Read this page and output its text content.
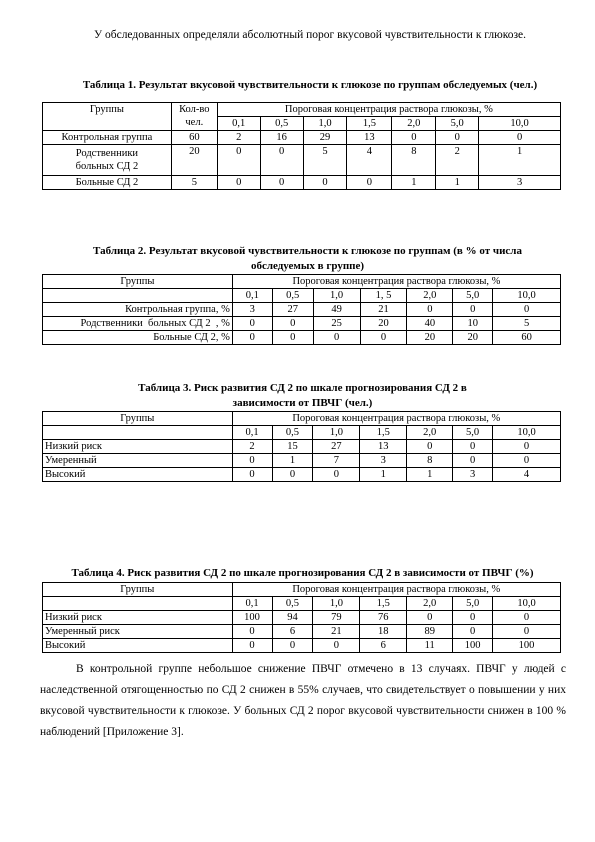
У обследованных определяли абсолютный порог вкусовой чувствительности к глюкозе.
Таблица 1. Результат вкусовой чувствительности к глюкозе по группам обследуемых (чел.)
Группы	Кол-во чел.	Пороговая концентрация раствора глюкозы, %						
		0,1	0,5	1,0	1,5	2,0	5,0	10,0
Контрольная группа	60	2	16	29	13	0	0	0
Родственники больных СД 2	20	0	0	5	4	8	2	1
Больные СД 2	5	0	0	0	0	1	1	3
Таблица 2. Результат вкусовой чувствительности к глюкозе по группам (в % от числа обследуемых в группе)
Группы	Пороговая концентрация раствора глюкозы, %						
	0,1	0,5	1,0	1, 5	2,0	5,0	10,0
Контрольная группа, %	3	27	49	21	0	0	0
Родственники  больных СД 2  , %	0	0	25	20	40	10	5
Больные СД 2, %	0	0	0	0	20	20	60
Таблица 3. Риск развития СД 2 по шкале прогнозирования СД 2 в зависимости от ПВЧГ (чел.)
Группы	Пороговая концентрация раствора глюкозы, %						
	0,1	0,5	1,0	1,5	2,0	5,0	10,0
Низкий риск	2	15	27	13	0	0	0
Умеренный	0	1	7	3	8	0	0
Высокий	0	0	0	1	1	3	4
Таблица 4. Риск развития СД 2 по шкале прогнозирования СД 2 в зависимости от ПВЧГ (%)
Группы	Пороговая концентрация раствора глюкозы, %						
	0,1	0,5	1,0	1,5	2,0	5,0	10,0
Низкий риск	100	94	79	76	0	0	0
Умеренный риск	0	6	21	18	89	0	0
Высокий	0	0	0	6	11	100	100
В контрольной группе небольшое снижение ПВЧГ отмечено в 13 случаях. ПВЧГ у людей с наследственной отягощенностью по СД 2 снижен в 55% случаев, что свидетельствует о повышении у них вкусовой чувствительности к глюкозе. У больных СД 2 порог вкусовой чувствительности снижен в 100 % наблюдений [Приложение 3].
